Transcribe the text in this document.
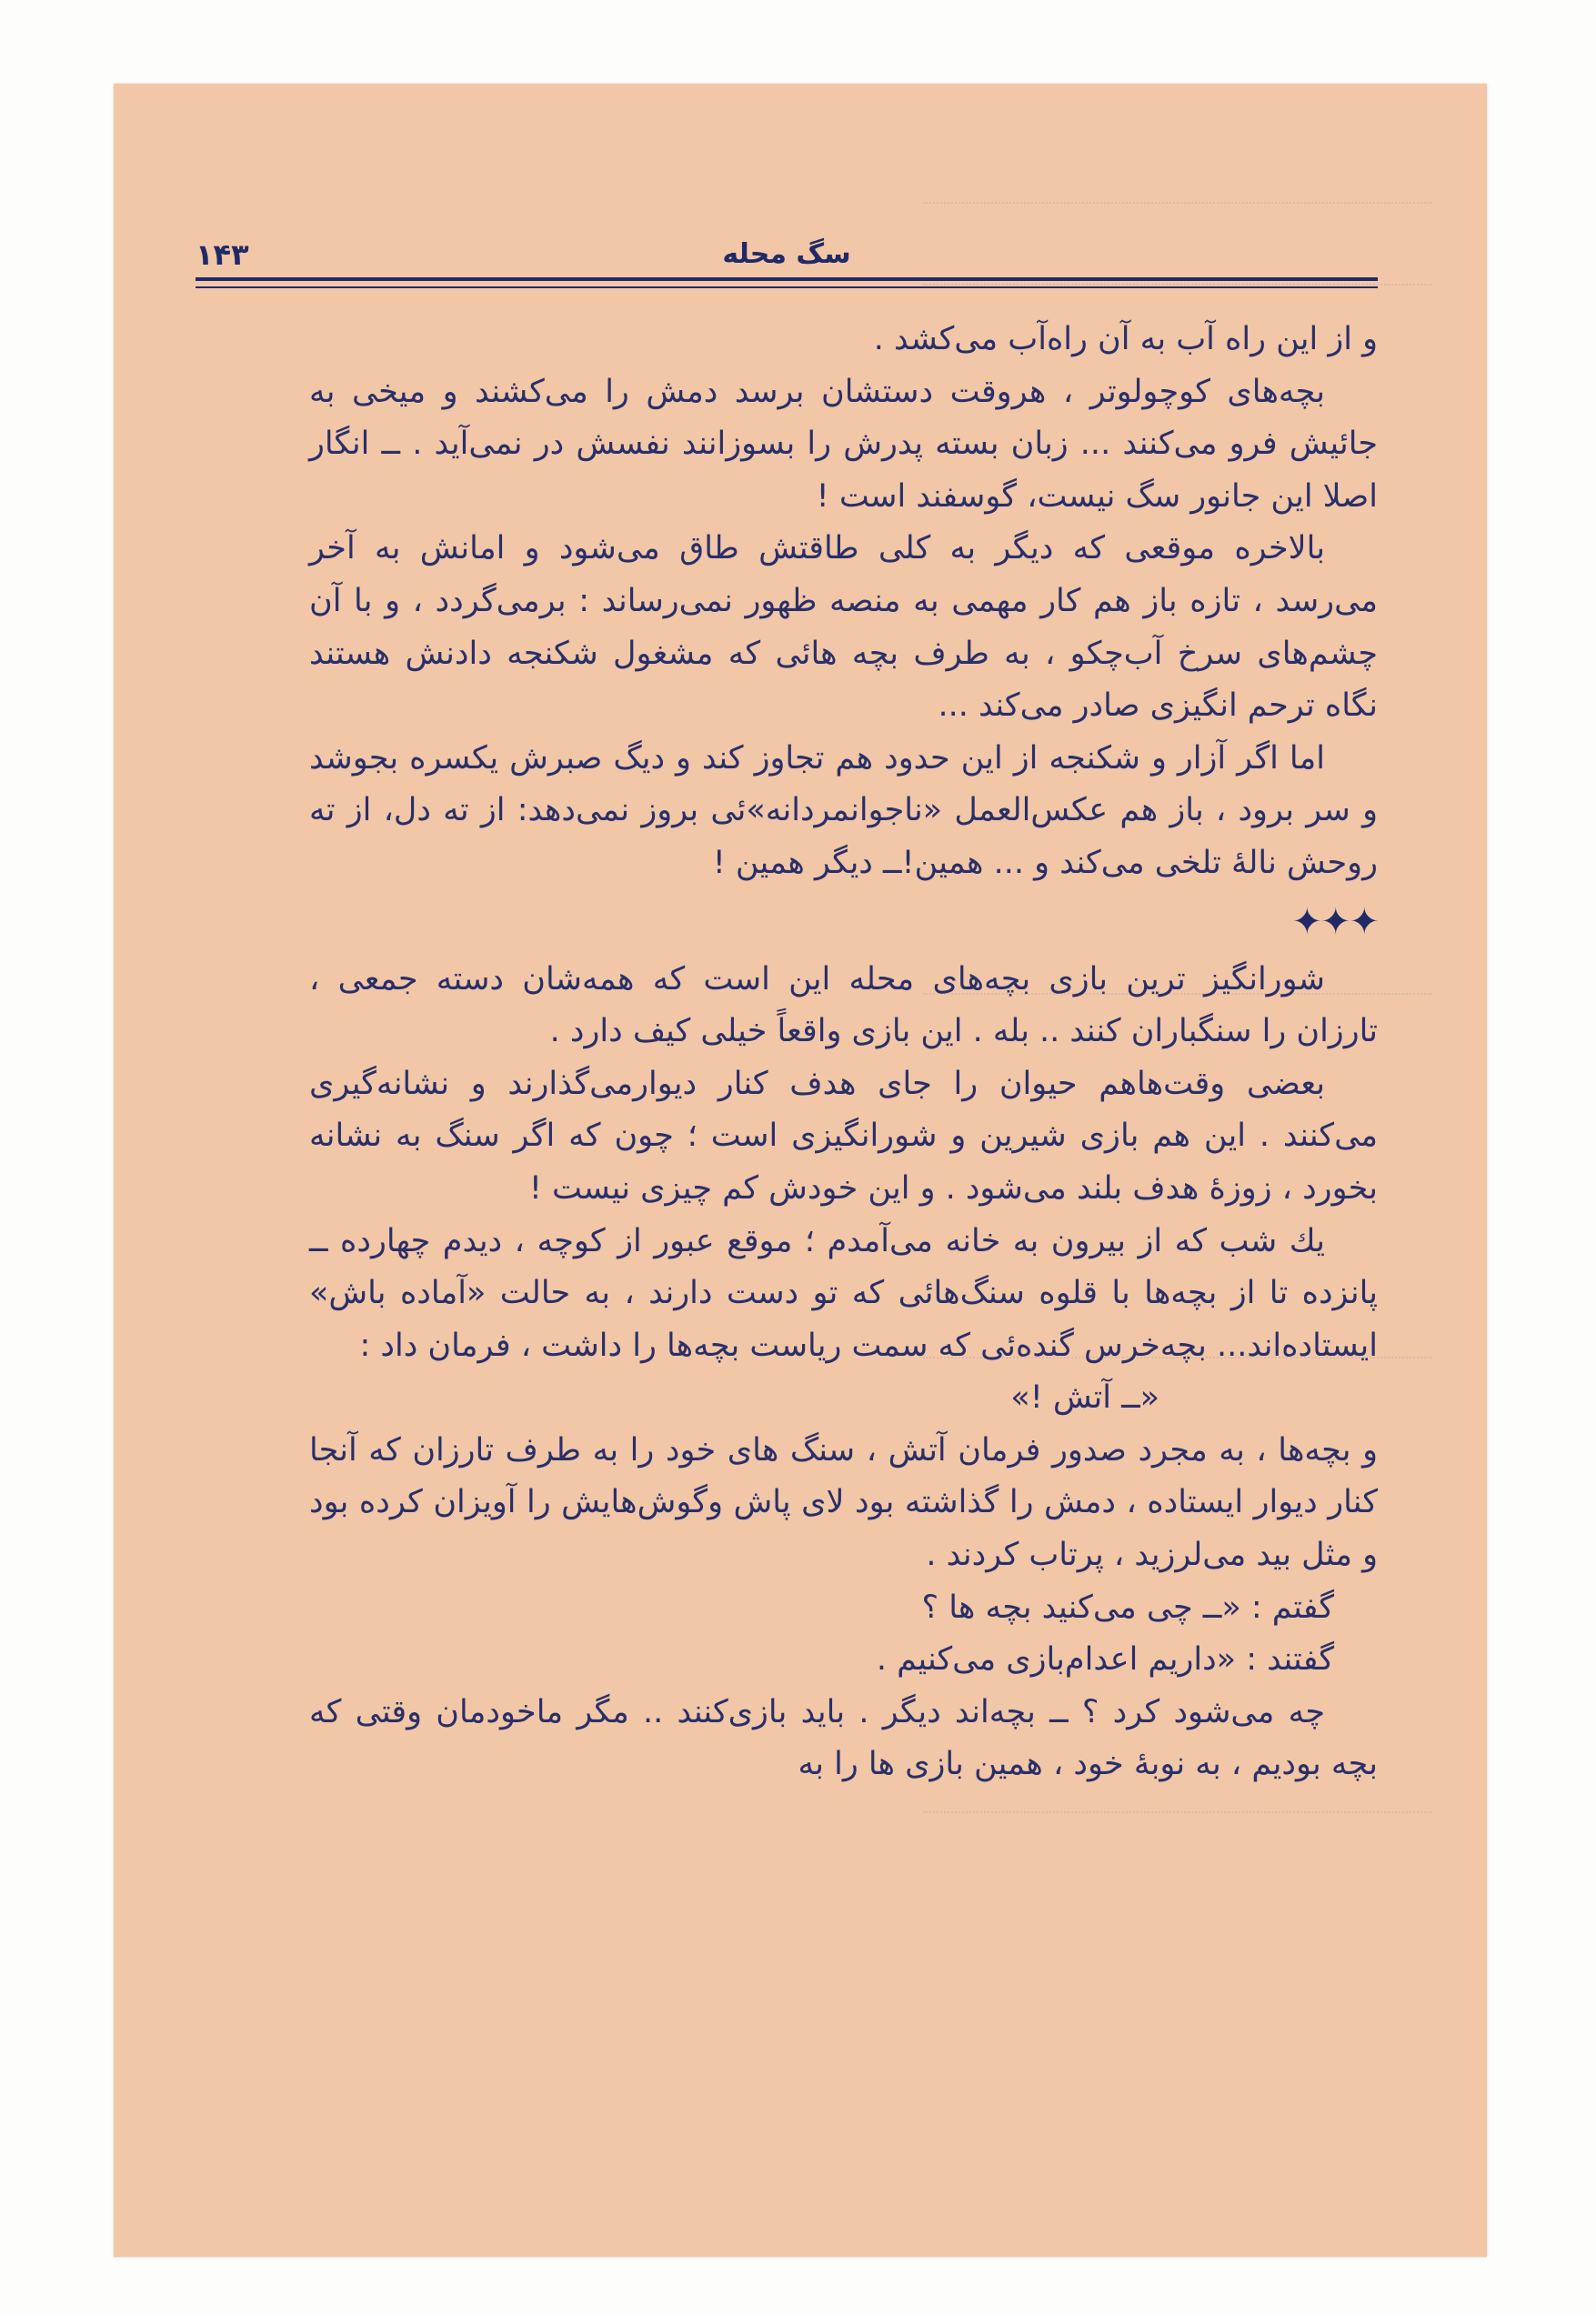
۱۴۳	سگ محله

و از این راه آب به آن راه‌آب می‌کشد .

بچه‌های کوچولوتر ، هروقت دستشان برسد دمش را می‌کشند و میخی به جائیش فرو می‌کنند ... زبان بسته پدرش را بسوزانند نفسش در نمی‌آید . ــ انگار اصلا این جانور سگ نیست، گوسفند است !

بالاخره موقعی که دیگر به کلی طاقتش طاق می‌شود و امانش به آخر می‌رسد ، تازه باز هم کار مهمی به منصه ظهور نمی‌رساند : برمی‌گردد ، و با آن چشم‌های سرخ آب‌چکو ، به طرف بچه هائی که مشغول شکنجه دادنش هستند نگاه ترحم انگیزی صادر می‌کند ...

اما اگر آزار و شکنجه از این حدود هم تجاوز کند و دیگ صبرش یکسره بجوشد و سر برود ، باز هم عکس‌العمل «ناجوانمردانه»ئی بروز نمی‌دهد: از ته دل، از ته روحش ناله‌ٔ تلخی می‌کند و ... همین!ــ دیگر همین !

✦✦✦

شورانگیز ترین بازی بچه‌های محله این است که همه‌شان دسته جمعی ، تارزان را سنگباران کنند .. بله . این بازی واقعاً خیلی کیف دارد .

بعضی وقت‌هاهم حیوان را جای هدف کنار دیوارمی‌گذارند و نشانه‌گیری می‌کنند . این هم بازی شیرین و شورانگیزی است ؛ چون که اگر سنگ به نشانه بخورد ، زوزهٔ هدف بلند می‌شود . و این خودش کم چیزی نیست !

یك شب که از بیرون به خانه می‌آمدم ؛ موقع عبور از کوچه ، دیدم چهارده ــ پانزده تا از بچه‌ها با قلوه سنگ‌هائی که تو دست دارند ، به حالت «آماده باش» ایستاده‌اند... بچه‌خرس گنده‌ئی که سمت ریاست بچه‌ها را داشت ، فرمان داد :

«ــ آتش !»

و بچه‌ها ، به مجرد صدور فرمان آتش ، سنگ های خود را به طرف تارزان که آنجا کنار دیوار ایستاده ، دمش را گذاشته بود لای پاش وگوش‌هایش را آویزان کرده بود و مثل بید می‌لرزید ، پرتاب کردند .

گفتم : «ــ چی می‌کنید بچه ها ؟

گفتند : «داریم اعدام‌بازی می‌کنیم .

چه می‌شود کرد ؟ ــ بچه‌اند دیگر . باید بازی‌کنند .. مگر ماخودمان وقتی که بچه بودیم ، به نوبهٔ خود ، همین بازی ها را به
